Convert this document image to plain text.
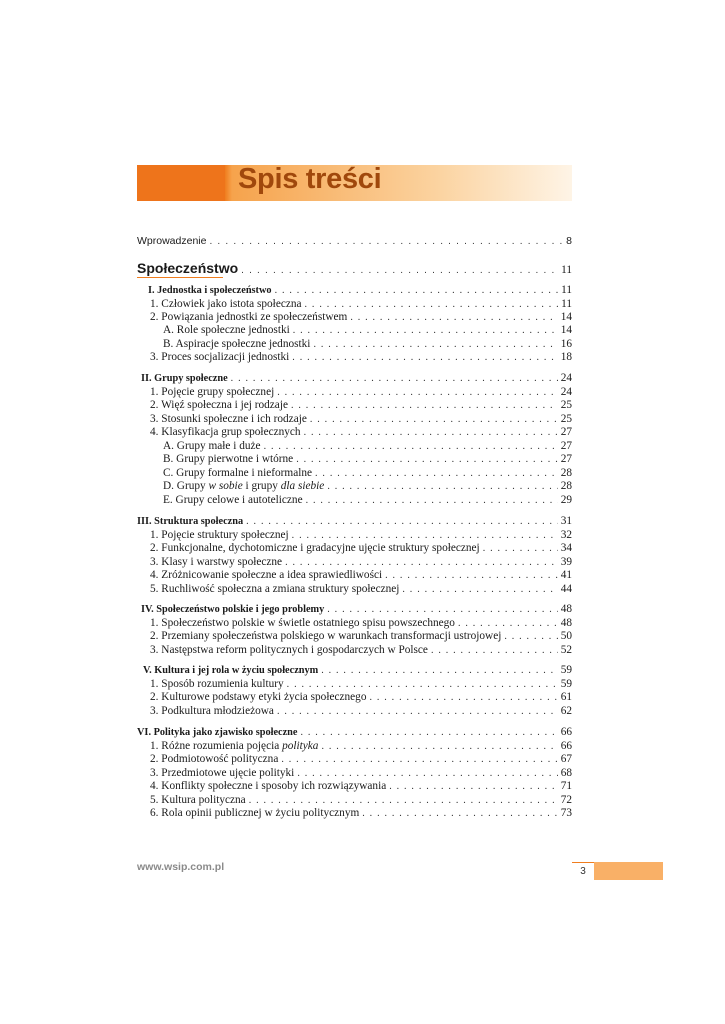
Spis treści
Wprowadzenie . . .	8
Społeczeństwo . . .	11
I. Jednostka i społeczeństwo . . .	11
1. Człowiek jako istota społeczna . . .	11
2. Powiązania jednostki ze społeczeństwem . . .	14
A. Role społeczne jednostki . . .	14
B. Aspiracje społeczne jednostki . . .	16
3. Proces socjalizacji jednostki . . .	18
II. Grupy społeczne . . .	24
1. Pojęcie grupy społecznej . . .	24
2. Więź społeczna i jej rodzaje . . .	25
3. Stosunki społeczne i ich rodzaje . . .	25
4. Klasyfikacja grup społecznych . . .	27
A. Grupy małe i duże . . .	27
B. Grupy pierwotne i wtórne . . .	27
C. Grupy formalne i nieformalne . . .	28
D. Grupy w sobie i grupy dla siebie . . .	28
E. Grupy celowe i autoteliczne . . .	29
III. Struktura społeczna . . .	31
1. Pojęcie struktury społecznej . . .	32
2. Funkcjonalne, dychotomiczne i gradacyjne ujęcie struktury społecznej . . .	34
3. Klasy i warstwy społeczne . . .	39
4. Zróżnicowanie społeczne a idea sprawiedliwości . . .	41
5. Ruchliwość społeczna a zmiana struktury społecznej . . .	44
IV. Społeczeństwo polskie i jego problemy . . .	48
1. Społeczeństwo polskie w świetle ostatniego spisu powszechnego . . .	48
2. Przemiany społeczeństwa polskiego w warunkach transformacji ustrojowej . . .	50
3. Następstwa reform politycznych i gospodarczych w Polsce . . .	52
V. Kultura i jej rola w życiu społecznym . . .	59
1. Sposób rozumienia kultury . . .	59
2. Kulturowe podstawy etyki życia społecznego . . .	61
3. Podkultura młodzieżowa . . .	62
VI. Polityka jako zjawisko społeczne . . .	66
1. Różne rozumienia pojęcia polityka . . .	66
2. Podmiotowość polityczna . . .	67
3. Przedmiotowe ujęcie polityki . . .	68
4. Konflikty społeczne i sposoby ich rozwiązywania . . .	71
5. Kultura polityczna . . .	72
6. Rola opinii publicznej w życiu politycznym . . .	73
www.wsip.com.pl	3
